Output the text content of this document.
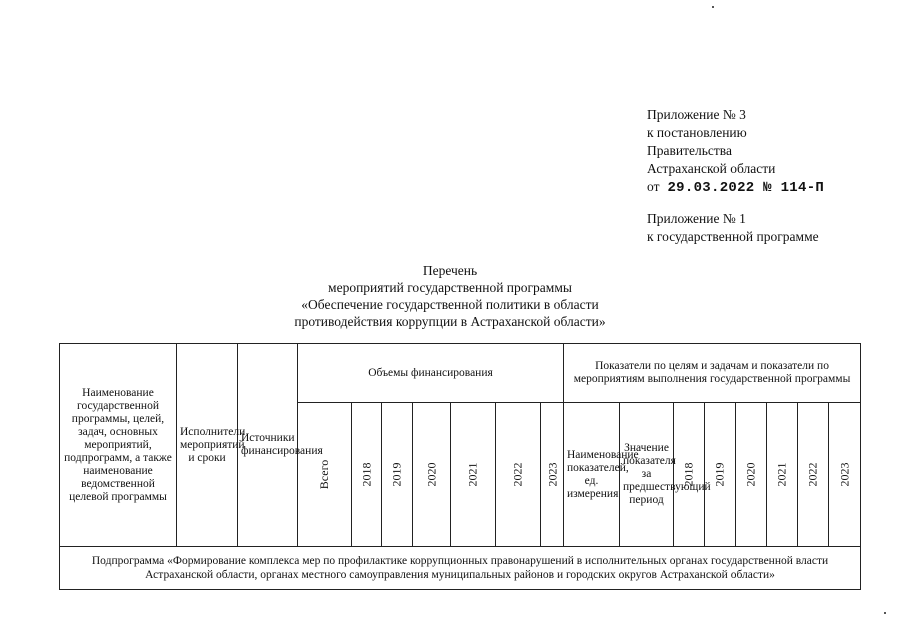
Приложение № 3
к постановлению
Правительства
Астраханской области
от 29.03.2022 № 114-П
Приложение № 1
к государственной программе
Перечень
мероприятий государственной программы
«Обеспечение государственной политики в области
противодействия коррупции в Астраханской области»
Наименование государственной программы, целей, задач, основных мероприятий, подпрограмм, а также наименование ведомственной целевой программы	Исполнители мероприятий и сроки	Источники финансирования	Объемы финансирования							Показатели по целям и задачам и показатели по мероприятиям выполнения государственной программы							
			Всего	2018	2019	2020	2021	2022	2023	Наименование показателей, ед. измерения	Значение показателя за предшествующий период	2018	2019	2020	2021	2022	2023
Подпрограмма «Формирование комплекса мер по профилактике коррупционных правонарушений в исполнительных органах государственной власти Астраханской области, органах местного самоуправления муниципальных районов и городских округов Астраханской области»																	
